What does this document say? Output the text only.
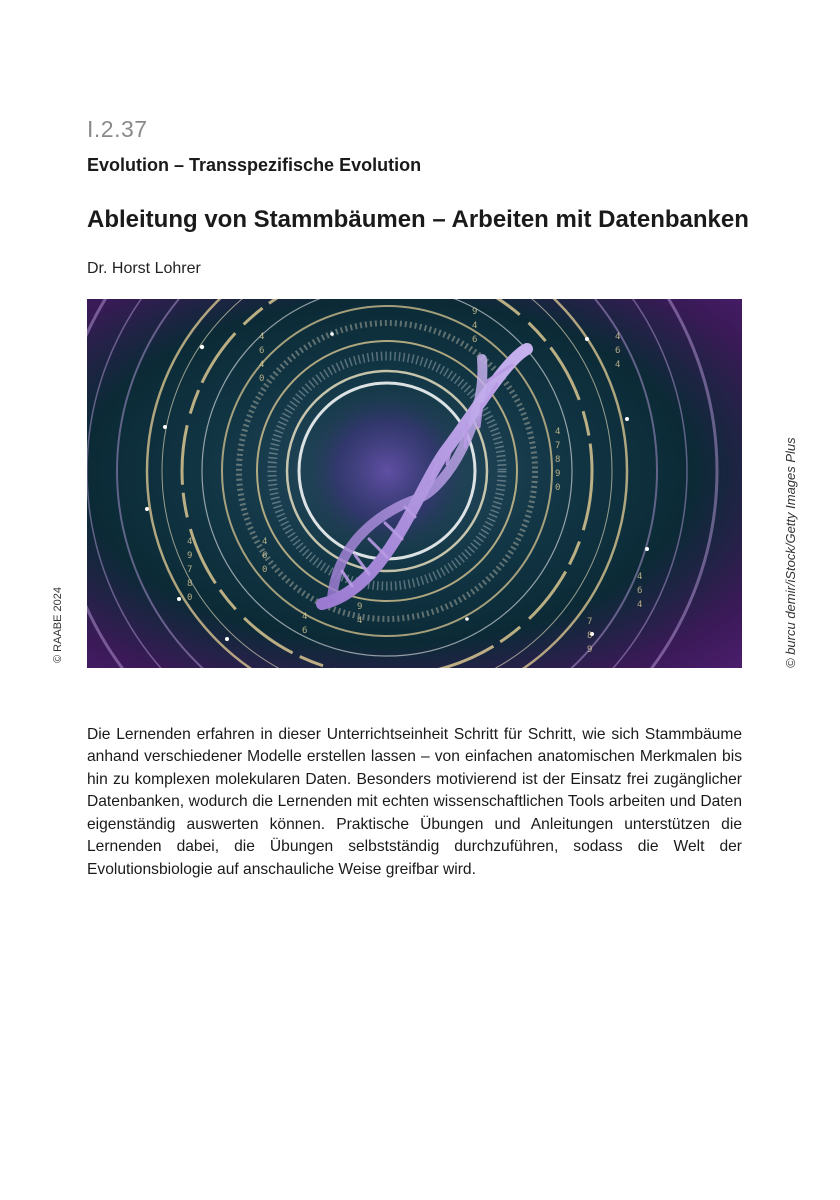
I.2.37
Evolution – Transspezifische Evolution
Ableitung von Stammbäumen – Arbeiten mit Datenbanken
Dr. Horst Lohrer
4
6
4
0
4
9
7
8
0
4
6
0
9
4
6
4
7
8
9
0
4
6
4
7
8
9
4
6
4
4
6
9
4
© RAABE 2024	© burcu demir/iStock/Getty Images Plus

Die Lernenden erfahren in dieser Unterrichtseinheit Schritt für Schritt, wie sich Stammbäume anhand verschiedener Modelle erstellen lassen – von einfachen anatomischen Merkmalen bis hin zu komplexen molekularen Daten. Besonders motivierend ist der Einsatz frei zugänglicher Datenbanken, wodurch die Lernenden mit echten wissenschaftlichen Tools arbeiten und Daten eigenständig auswerten können. Praktische Übungen und Anleitungen unterstützen die Lernenden dabei, die Übungen selbstständig durchzuführen, sodass die Welt der Evolutionsbiologie auf anschauliche Weise greifbar wird.
